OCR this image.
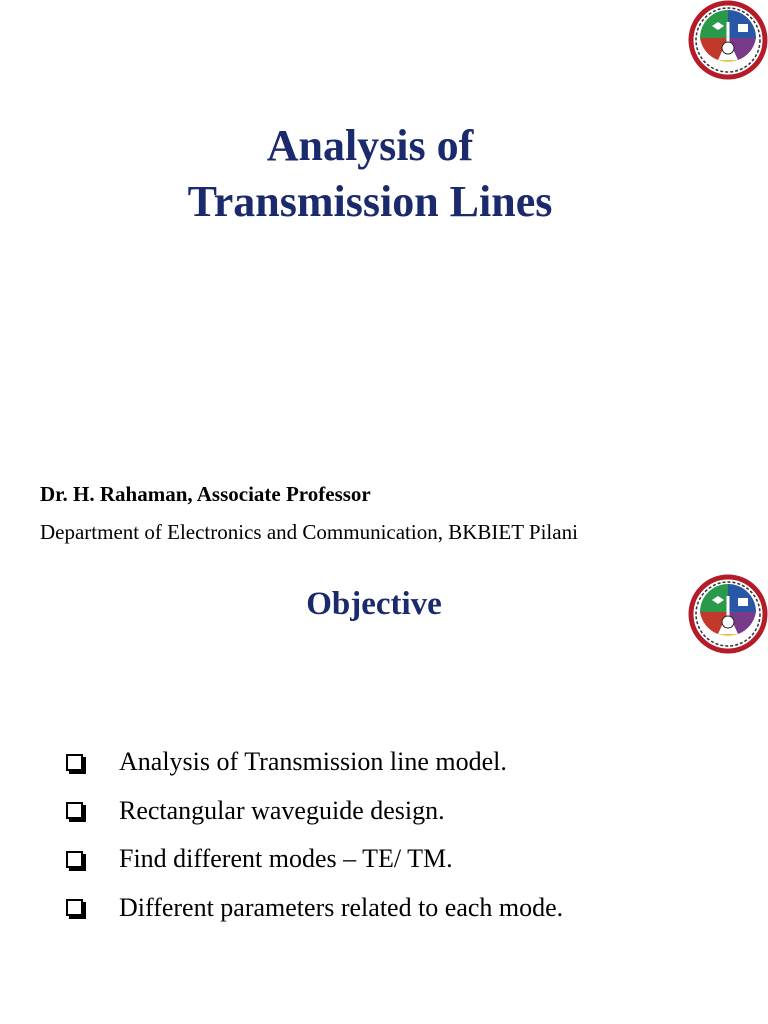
Analysis of
Transmission Lines
Dr. H. Rahaman, Associate Professor
Department of Electronics and Communication, BKBIET Pilani
Objective
Analysis of Transmission line model.
Rectangular waveguide design.
Find different modes – TE/ TM.
Different parameters related to each mode.
